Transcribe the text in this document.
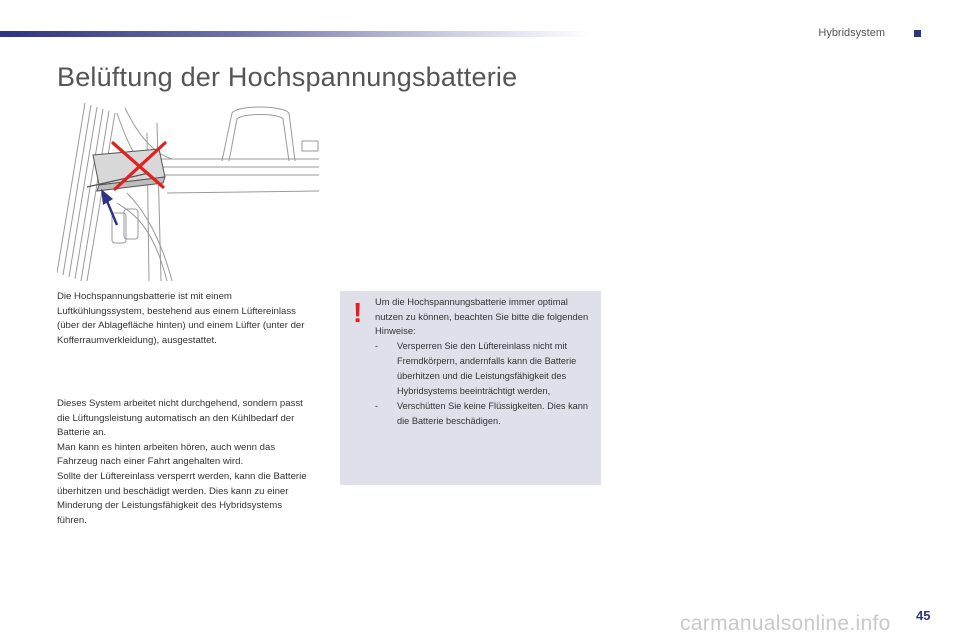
Hybridsystem
Belüftung der Hochspannungsbatterie

Die Hochspannungsbatterie ist mit einem Luftkühlungssystem, bestehend aus einem Lüftereinlass (über der Ablagefläche hinten) und einem Lüfter (unter der Kofferraumverkleidung), ausgestattet.

Dieses System arbeitet nicht durchgehend, sondern passt die Lüftungsleistung automatisch an den Kühlbedarf der Batterie an.

Man kann es hinten arbeiten hören, auch wenn das Fahrzeug nach einer Fahrt angehalten wird.

Sollte der Lüftereinlass versperrt werden, kann die Batterie überhitzen und beschädigt werden. Dies kann zu einer Minderung der Leistungsfähigkeit des Hybridsystems führen.

! Um die Hochspannungsbatterie immer optimal nutzen zu können, beachten Sie bitte die folgenden Hinweise:

- Versperren Sie den Lüftereinlass nicht mit Fremdkörpern, andernfalls kann die Batterie überhitzen und die Leistungsfähigkeit des Hybridsystems beeinträchtigt werden,
- Verschütten Sie keine Flüssigkeiten. Dies kann die Batterie beschädigen.
carmanualsonline.info 45
